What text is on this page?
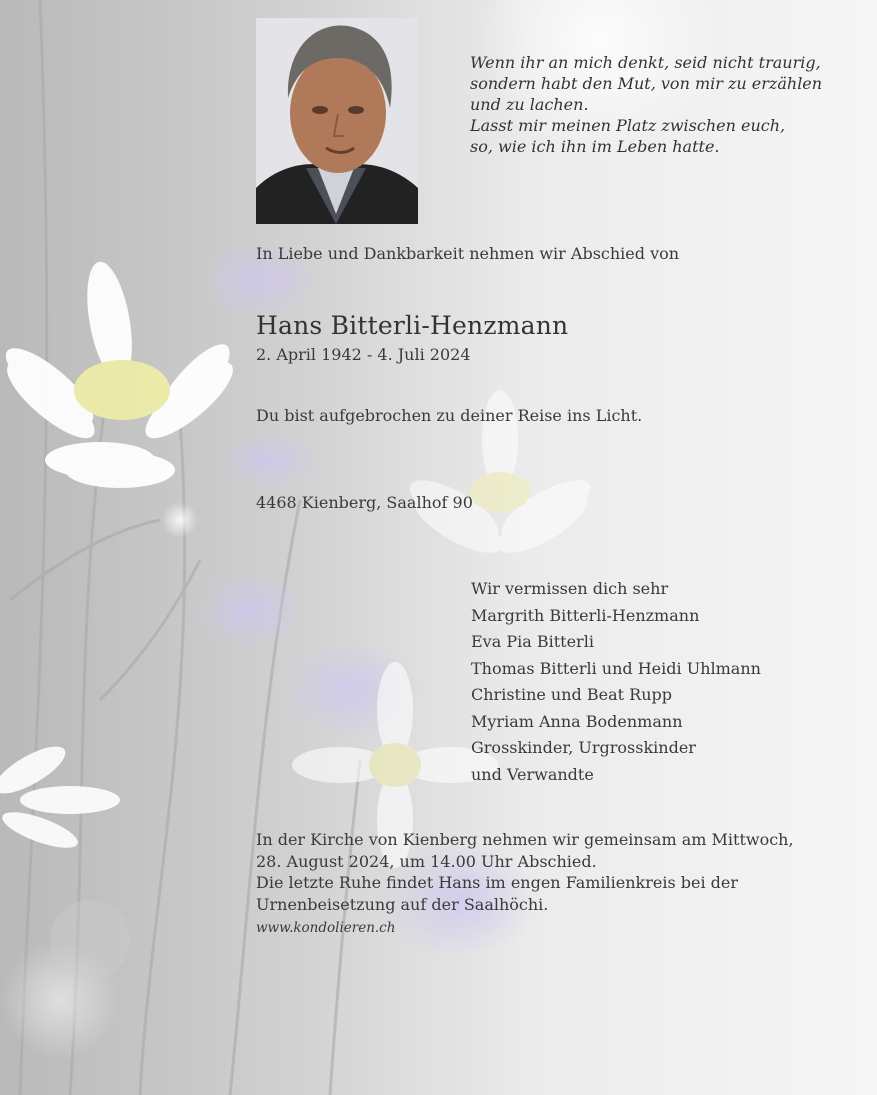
Wenn ihr an mich denkt, seid nicht traurig,
sondern habt den Mut, von mir zu erzählen
und zu lachen.
Lasst mir meinen Platz zwischen euch,
so, wie ich ihn im Leben hatte.
In Liebe und Dankbarkeit nehmen wir Abschied von
Hans Bitterli-Henzmann
2. April 1942 - 4. Juli 2024
Du bist aufgebrochen zu deiner Reise ins Licht.
4468 Kienberg, Saalhof 90
Wir vermissen dich sehr
Margrith Bitterli-Henzmann
Eva Pia Bitterli
Thomas Bitterli und Heidi Uhlmann
Christine und Beat Rupp
Myriam Anna Bodenmann
Grosskinder, Urgrosskinder
und Verwandte
In der Kirche von Kienberg nehmen wir gemeinsam am Mittwoch,
28. August 2024, um 14.00 Uhr Abschied.
Die letzte Ruhe findet Hans im engen Familienkreis bei der
Urnenbeisetzung auf der Saalhöchi.
www.kondolieren.ch
